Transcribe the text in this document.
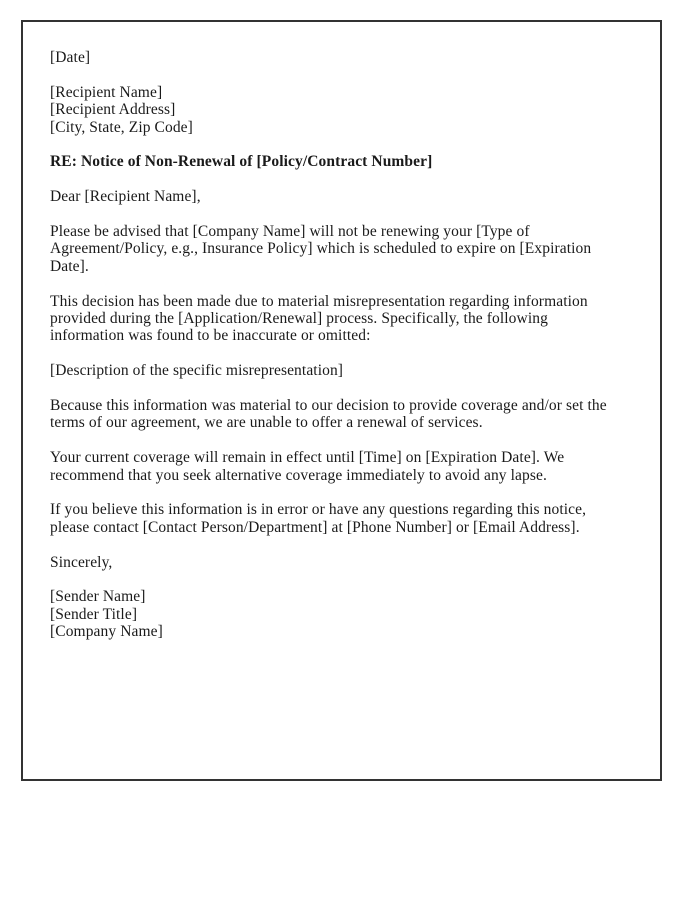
[Date]
[Recipient Name]
[Recipient Address]
[City, State, Zip Code]
RE: Notice of Non-Renewal of [Policy/Contract Number]
Dear [Recipient Name],
Please be advised that [Company Name] will not be renewing your [Type of
Agreement/Policy, e.g., Insurance Policy] which is scheduled to expire on [Expiration
Date].
This decision has been made due to material misrepresentation regarding information
provided during the [Application/Renewal] process. Specifically, the following
information was found to be inaccurate or omitted:
[Description of the specific misrepresentation]
Because this information was material to our decision to provide coverage and/or set the
terms of our agreement, we are unable to offer a renewal of services.
Your current coverage will remain in effect until [Time] on [Expiration Date]. We
recommend that you seek alternative coverage immediately to avoid any lapse.
If you believe this information is in error or have any questions regarding this notice,
please contact [Contact Person/Department] at [Phone Number] or [Email Address].
Sincerely,
[Sender Name]
[Sender Title]
[Company Name]
